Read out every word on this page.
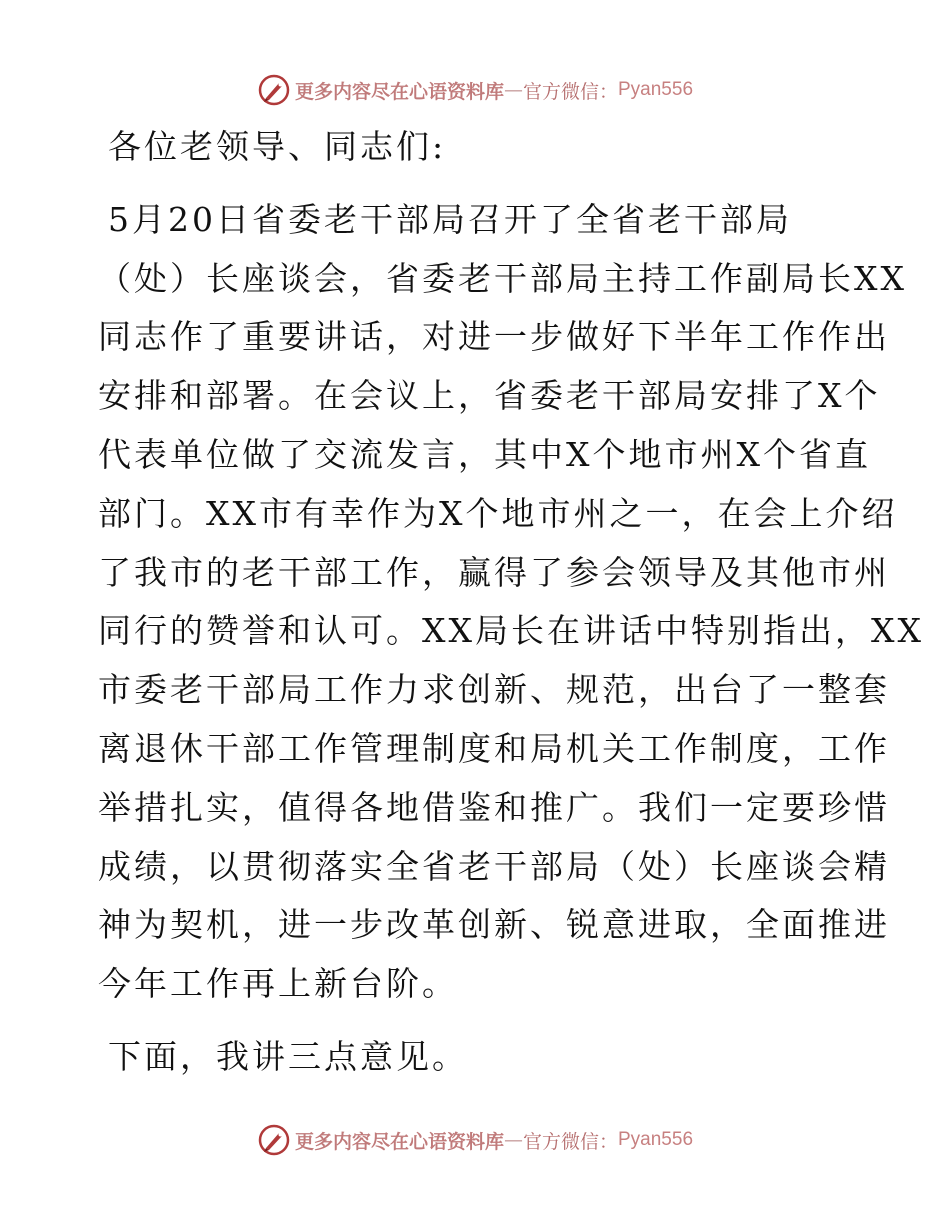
更多内容尽在心语资料库 — 官方微信： Pyan556
各位老领导、同志们:
5月20日省委老干部局召开了全省老干部局
（处）长座谈会，省委老干部局主持工作副局长XX
同志作了重要讲话，对进一步做好下半年工作作出
安排和部署。在会议上，省委老干部局安排了X个
代表单位做了交流发言，其中X个地市州X个省直
部门。XX市有幸作为X个地市州之一，在会上介绍
了我市的老干部工作，赢得了参会领导及其他市州
同行的赞誉和认可。XX局长在讲话中特别指出，XX
市委老干部局工作力求创新、规范，出台了一整套
离退休干部工作管理制度和局机关工作制度，工作
举措扎实，值得各地借鉴和推广。我们一定要珍惜
成绩，以贯彻落实全省老干部局（处）长座谈会精
神为契机，进一步改革创新、锐意进取，全面推进
今年工作再上新台阶。
下面，我讲三点意见。
更多内容尽在心语资料库 — 官方微信： Pyan556
